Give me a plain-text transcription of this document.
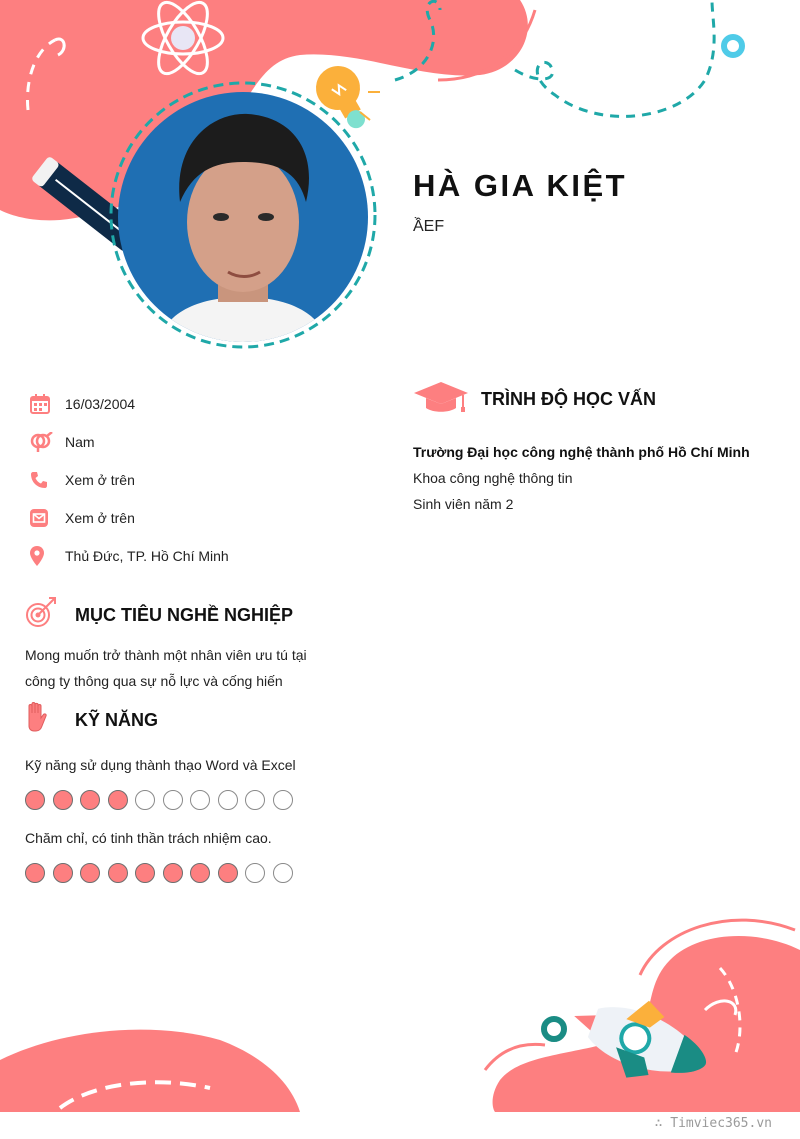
HÀ GIA KIỆT
ẦEF
16/03/2004
Nam
Xem ở trên
Xem ở trên
Thủ Đức, TP. Hồ Chí Minh
MỤC TIÊU NGHỀ NGHIỆP
Mong muốn trở thành một nhân viên ưu tú tại
công ty thông qua sự nỗ lực và cống hiến
KỸ NĂNG
Kỹ năng sử dụng thành thạo Word và Excel
Chăm chỉ, có tinh thần trách nhiệm cao.
TRÌNH ĐỘ HỌC VẤN
Trường Đại học công nghệ thành phố Hồ Chí Minh
Khoa công nghệ thông tin
Sinh viên năm 2
∴ Timviec365.vn
